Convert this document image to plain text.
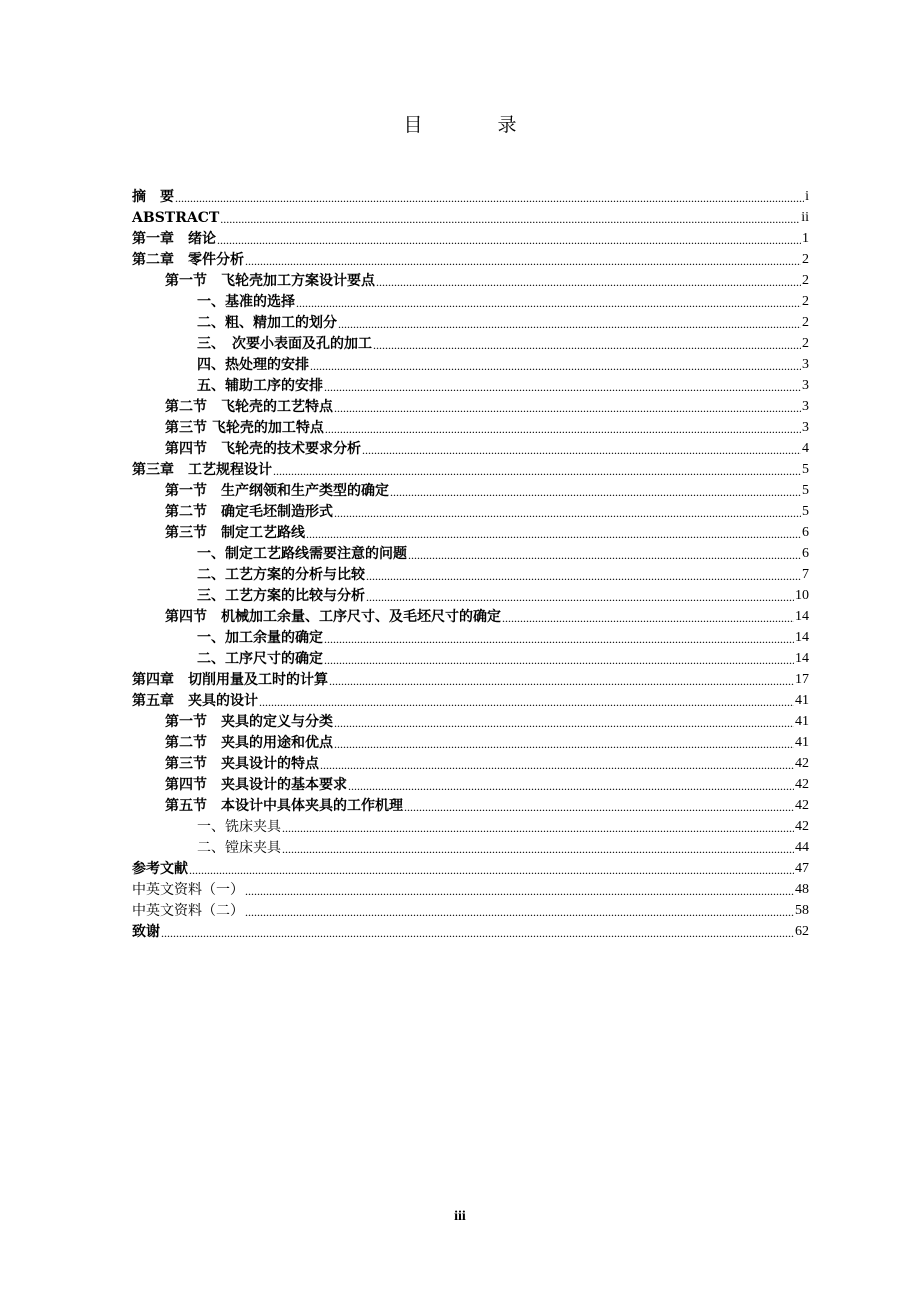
目　录
摘　要 .....	i
ABSTRACT .....	ii
第一章　绪论 .....	1
第二章　零件分析 .....	2
第一节　飞轮壳加工方案设计要点 .....	2
一、基准的选择 .....	2
二、粗、精加工的划分 .....	2
三、　次要小表面及孔的加工 .....	2
四、热处理的安排 .....	3
五、辅助工序的安排 .....	3
第二节　飞轮壳的工艺特点 .....	3
第三节 飞轮壳的加工特点 .....	3
第四节　飞轮壳的技术要求分析 .....	4
第三章　工艺规程设计 .....	5
第一节　生产纲领和生产类型的确定 .....	5
第二节　确定毛坯制造形式 .....	5
第三节　制定工艺路线 .....	6
一、制定工艺路线需要注意的问题 .....	6
二、工艺方案的分析与比较 .....	7
三、工艺方案的比较与分析 .....	10
第四节　机械加工余量、工序尺寸、及毛坯尺寸的确定 .....	14
一、加工余量的确定 .....	14
二、工序尺寸的确定 .....	14
第四章　切削用量及工时的计算 .....	17
第五章　夹具的设计 .....	41
第一节　夹具的定义与分类 .....	41
第二节　夹具的用途和优点 .....	41
第三节　夹具设计的特点 .....	42
第四节　夹具设计的基本要求 .....	42
第五节　本设计中具体夹具的工作机理 .....	42
一、铣床夹具 .....	42
二、镗床夹具 .....	44
参考文献 .....	47
中英文资料（一） .....	48
中英文资料（二） .....	58
致谢 .....	62
iii
